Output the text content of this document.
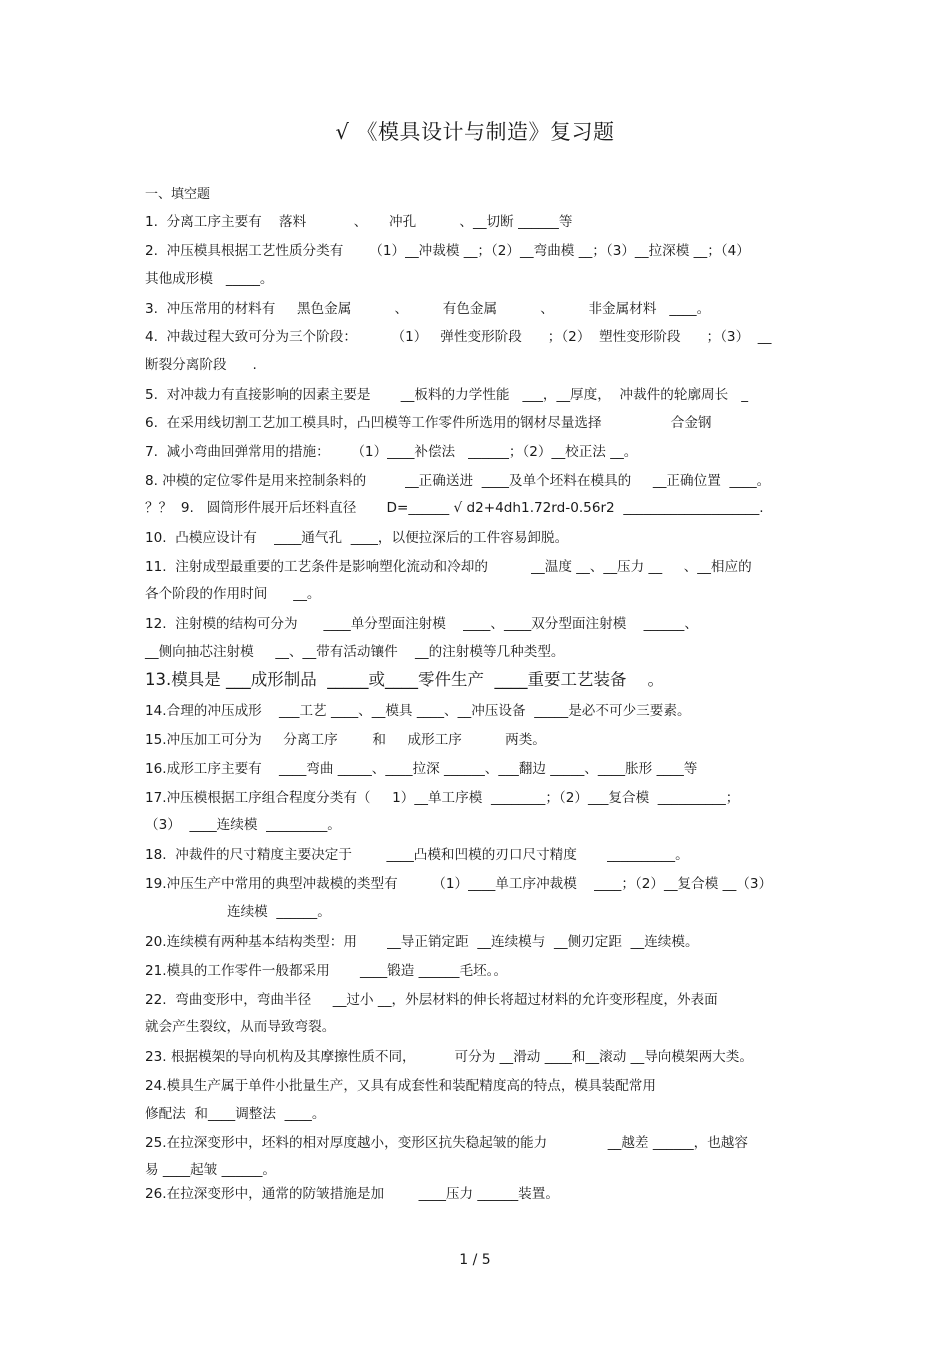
√ 《模具设计与制造》复习题
一、填空题
1.  分离工序主要有    落料           、     冲孔          、__切断 ______等
2.  冲压模具根据工艺性质分类有      （1）__冲裁模 __；（2）__弯曲模 __；（3）__拉深模 __；（4）
其他成形模   _____。
3.  冲压常用的材料有     黑色金属          、        有色金属          、        非金属材料   ____。
4.  冲裁过程大致可分为三个阶段：        （1）   弹性变形阶段      ；（2）  塑性变形阶段      ；（3）  __
断裂分离阶段      .
5.  对冲裁力有直接影响的因素主要是       __板料的力学性能   ___，__厚度，  冲裁件的轮廓周长   _
6.  在采用线切割工艺加工模具时，凸凹模等工作零件所选用的钢材尽量选择                合金钢
7.  减小弯曲回弹常用的措施：     （1）____补偿法   ______；（2）__校正法 __。
8. 冲模的定位零件是用来控制条料的         __正确送进  ____及单个坯料在模具的     __正确位置  ____。
？？  9.   圆筒形件展开后坯料直径       D=______ √ d2+4dh1.72rd-0.56r2  ____________________.
10.  凸模应设计有    ____通气孔  ____，以便拉深后的工件容易卸脱。
11.  注射成型最重要的工艺条件是影响塑化流动和冷却的          __温度 __、__压力 __     、__相应的
各个阶段的作用时间      __。
12.  注射模的结构可分为      ____单分型面注射模    ____、____双分型面注射模    ______、
__侧向抽芯注射模     __、__带有活动镶件    __的注射模等几种类型。
13.模具是 ___成形制品  _____或____零件生产  ____重要工艺装备    。
14.合理的冲压成形    ___工艺 ____、__模具 ____、__冲压设备  _____是必不可少三要素。
15.冲压加工可分为     分离工序        和     成形工序          两类。
16.成形工序主要有    ____弯曲 _____、____拉深 ______、___翻边 _____、____胀形 ____等
17.冲压模根据工序组合程度分类有（     1）__单工序模  ________；（2）___复合模  __________；
（3）  ____连续模  _________。
18.  冲裁件的尺寸精度主要决定于        ____凸模和凹模的刃口尺寸精度       __________。
19.冲压生产中常用的典型冲裁模的类型有        （1）____单工序冲裁模    ____；（2）__复合模 __（3）
连续模  ______。
20.连续模有两种基本结构类型：用       __导正销定距  __连续模与  __侧刃定距  __连续模。
21.模具的工作零件一般都采用       ____锻造 ______毛坯。。
22.  弯曲变形中，弯曲半径     __过小 __，外层材料的伸长将超过材料的允许变形程度，外表面
就会产生裂纹，从而导致弯裂。
23. 根据模架的导向机构及其摩擦性质不同，         可分为 __滑动 ____和__滚动 __导向模架两大类。
24.模具生产属于单件小批量生产，又具有成套性和装配精度高的特点，模具装配常用
修配法  和____调整法  ____。
25.在拉深变形中，坯料的相对厚度越小，变形区抗失稳起皱的能力              __越差 ______，也越容
易 ____起皱 ______。
26.在拉深变形中，通常的防皱措施是加        ____压力 ______装置。
1 / 5
